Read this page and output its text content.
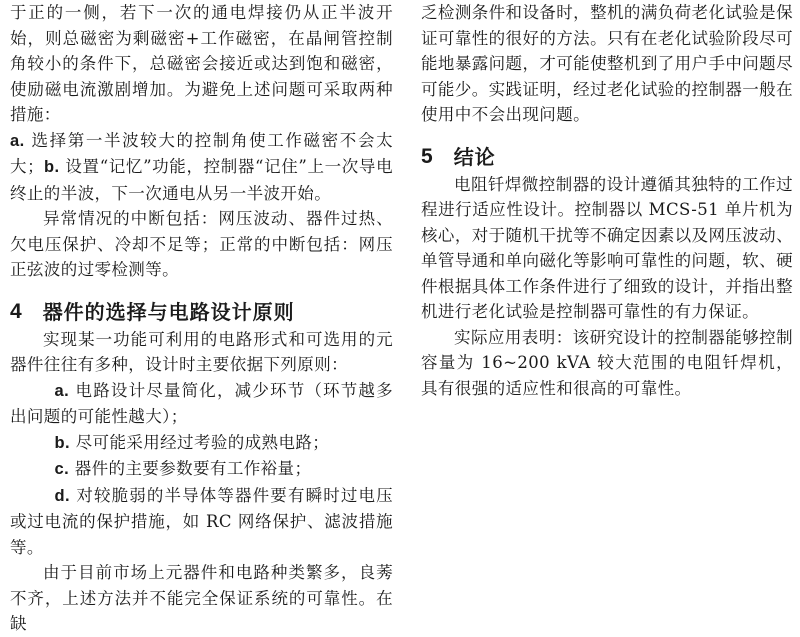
于正的一侧，若下一次的通电焊接仍从正半波开始，则总磁密为剩磁密+工作磁密，在晶闸管控制角较小的条件下，总磁密会接近或达到饱和磁密，使励磁电流激剧增加。为避免上述问题可采取两种措施：

a. 选择第一半波较大的控制角使工作磁密不会太大；b. 设置“记忆”功能，控制器“记住”上一次导电终止的半波，下一次通电从另一半波开始。

异常情况的中断包括：网压波动、器件过热、欠电压保护、冷却不足等；正常的中断包括：网压正弦波的过零检测等。

4 器件的选择与电路设计原则

实现某一功能可利用的电路形式和可选用的元器件往往有多种，设计时主要依据下列原则：

a. 电路设计尽量简化，减少环节（环节越多出问题的可能性越大）；

b. 尽可能采用经过考验的成熟电路；

c. 器件的主要参数要有工作裕量；

d. 对较脆弱的半导体等器件要有瞬时过电压或过电流的保护措施，如 RC 网络保护、滤波措施等。

由于目前市场上元器件和电路种类繁多，良莠不齐，上述方法并不能完全保证系统的可靠性。在缺

乏检测条件和设备时，整机的满负荷老化试验是保证可靠性的很好的方法。只有在老化试验阶段尽可能地暴露问题，才可能使整机到了用户手中问题尽可能少。实践证明，经过老化试验的控制器一般在使用中不会出现问题。

5 结论

电阻钎焊微控制器的设计遵循其独特的工作过程进行适应性设计。控制器以 MCS-51 单片机为核心，对于随机干扰等不确定因素以及网压波动、单管导通和单向磁化等影响可靠性的问题，软、硬件根据具体工作条件进行了细致的设计，并指出整机进行老化试验是控制器可靠性的有力保证。

实际应用表明：该研究设计的控制器能够控制容量为 16~200 kVA 较大范围的电阻钎焊机，具有很强的适应性和很高的可靠性。
